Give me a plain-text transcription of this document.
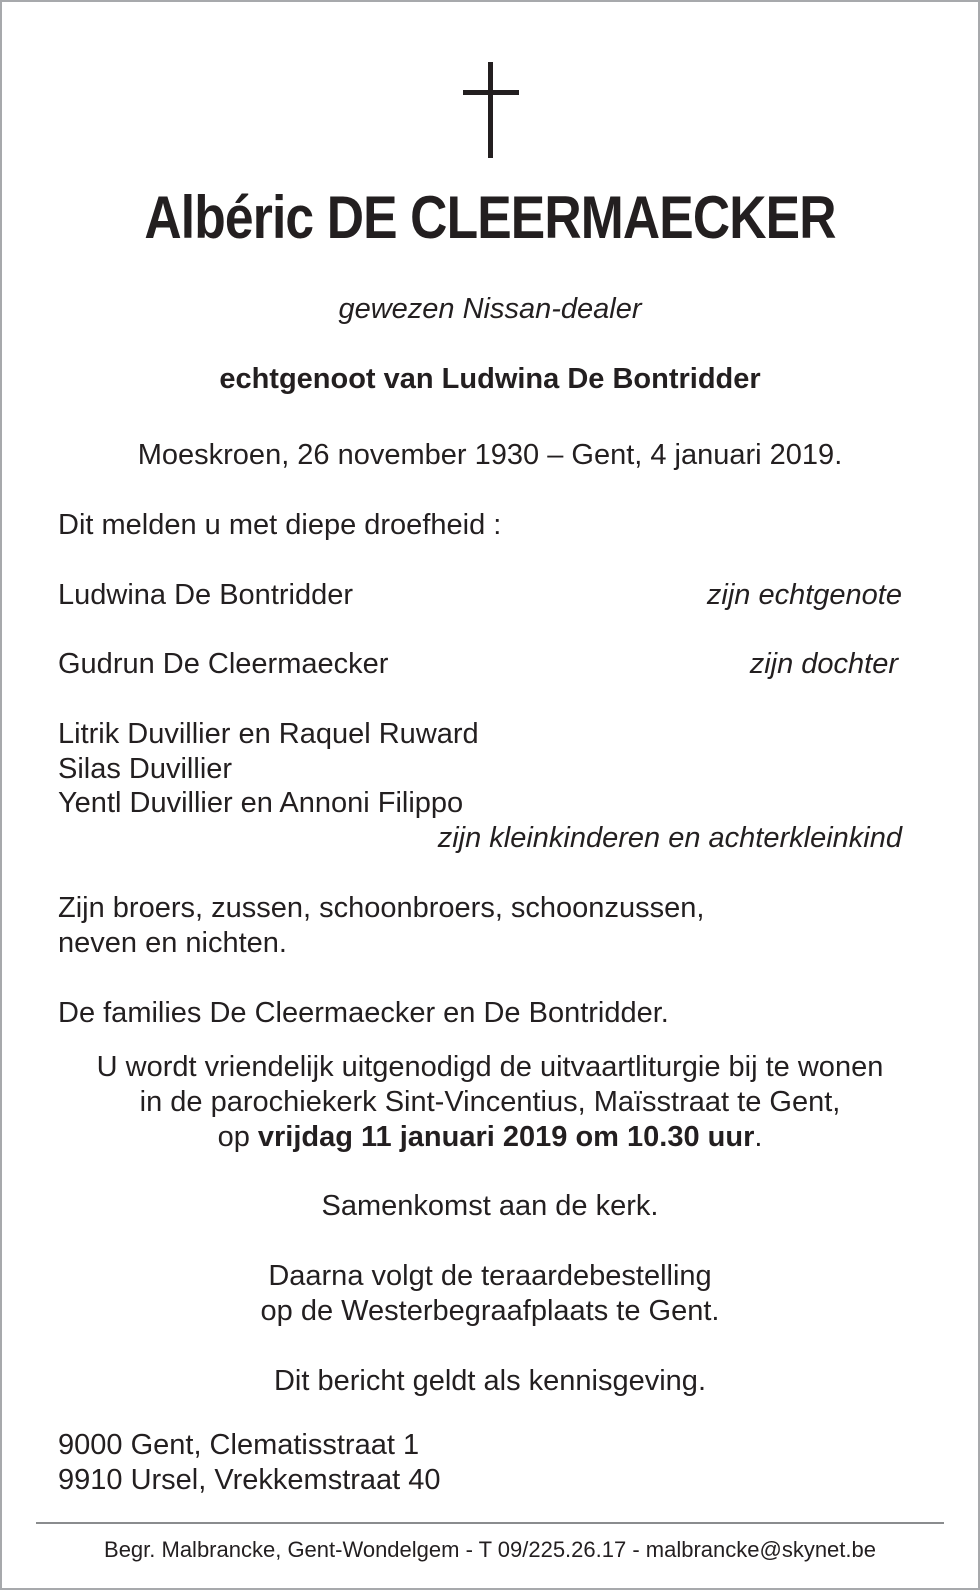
Albéric DE CLEERMAECKER
gewezen Nissan-dealer
echtgenoot van Ludwina De Bontridder
Moeskroen, 26 november 1930 – Gent, 4 januari 2019.
Dit melden u met diepe droefheid :
Ludwina De Bontridder	zijn echtgenote
Gudrun De Cleermaecker	zijn dochter
Litrik Duvillier en Raquel Ruward
Silas Duvillier
Yentl Duvillier en Annoni Filippo
zijn kleinkinderen en achterkleinkind
Zijn broers, zussen, schoonbroers, schoonzussen,
neven en nichten.
De families De Cleermaecker en De Bontridder.
U wordt vriendelijk uitgenodigd de uitvaartliturgie bij te wonen
in de parochiekerk Sint-Vincentius, Maïsstraat te Gent,
op vrijdag 11 januari 2019 om 10.30 uur.
Samenkomst aan de kerk.
Daarna volgt de teraardebestelling
op de Westerbegraafplaats te Gent.
Dit bericht geldt als kennisgeving.
9000 Gent, Clematisstraat 1
9910 Ursel, Vrekkemstraat 40
Begr. Malbrancke, Gent-Wondelgem - T 09/225.26.17 - malbrancke@skynet.be
